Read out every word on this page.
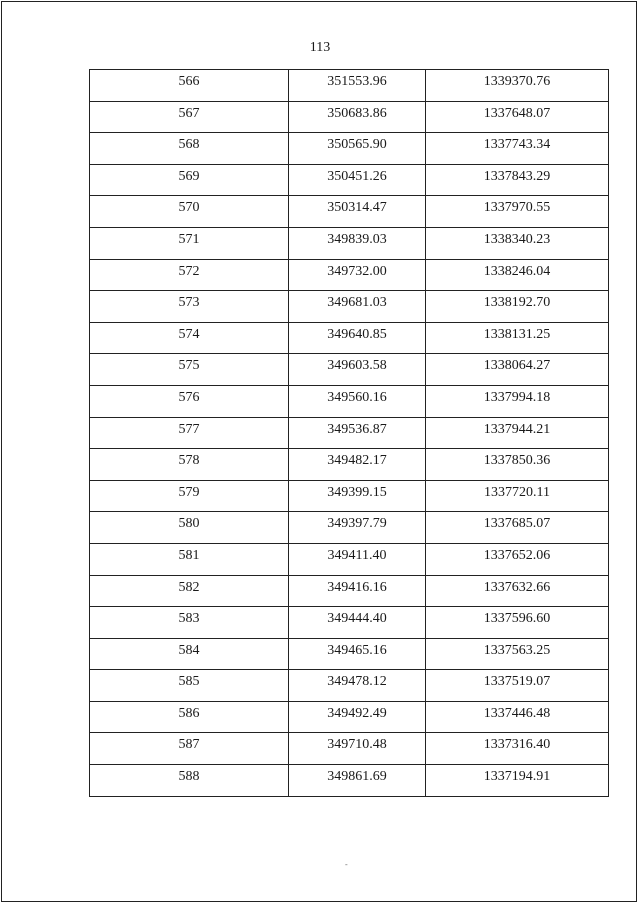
113
566	351553.96	1339370.76

567	350683.86	1337648.07

568	350565.90	1337743.34

569	350451.26	1337843.29

570	350314.47	1337970.55

571	349839.03	1338340.23

572	349732.00	1338246.04

573	349681.03	1338192.70

574	349640.85	1338131.25

575	349603.58	1338064.27

576	349560.16	1337994.18

577	349536.87	1337944.21

578	349482.17	1337850.36

579	349399.15	1337720.11

580	349397.79	1337685.07

581	349411.40	1337652.06

582	349416.16	1337632.66

583	349444.40	1337596.60

584	349465.16	1337563.25

585	349478.12	1337519.07

586	349492.49	1337446.48

587	349710.48	1337316.40

588	349861.69	1337194.91
-
